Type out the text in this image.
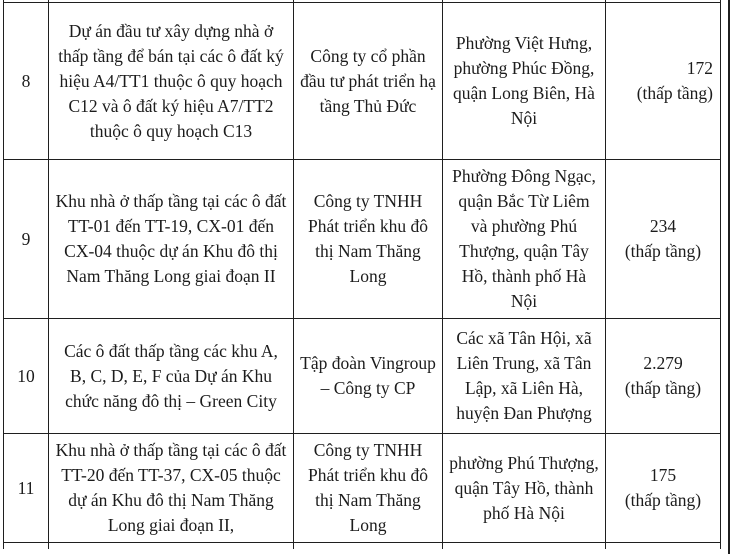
8	Dự án đầu tư xây dựng nhà ở thấp tầng để bán tại các ô đất ký hiệu A4/TT1 thuộc ô quy hoạch C12 và ô đất ký hiệu A7/TT2 thuộc ô quy hoạch C13	Công ty cổ phần đầu tư phát triển hạ tầng Thủ Đức	Phường Việt Hưng, phường Phúc Đồng, quận Long Biên, Hà Nội	172
(thấp tầng)

9	Khu nhà ở thấp tầng tại các ô đất TT-01 đến TT-19, CX-01 đến CX-04 thuộc dự án Khu đô thị Nam Thăng Long giai đoạn II	Công ty TNHH Phát triển khu đô thị Nam Thăng Long	Phường Đông Ngạc, quận Bắc Từ Liêm và phường Phú Thượng, quận Tây Hồ, thành phố Hà Nội	234
(thấp tầng)

10	Các ô đất thấp tầng các khu A, B, C, D, E, F của Dự án Khu chức năng đô thị – Green City	Tập đoàn Vingroup – Công ty CP	Các xã Tân Hội, xã Liên Trung, xã Tân Lập, xã Liên Hà, huyện Đan Phượng	2.279
(thấp tầng)

11	Khu nhà ở thấp tầng tại các ô đất TT-20 đến TT-37, CX-05 thuộc dự án Khu đô thị Nam Thăng Long giai đoạn II,	Công ty TNHH Phát triển khu đô thị Nam Thăng Long	phường Phú Thượng, quận Tây Hồ, thành phố Hà Nội	175
(thấp tầng)
